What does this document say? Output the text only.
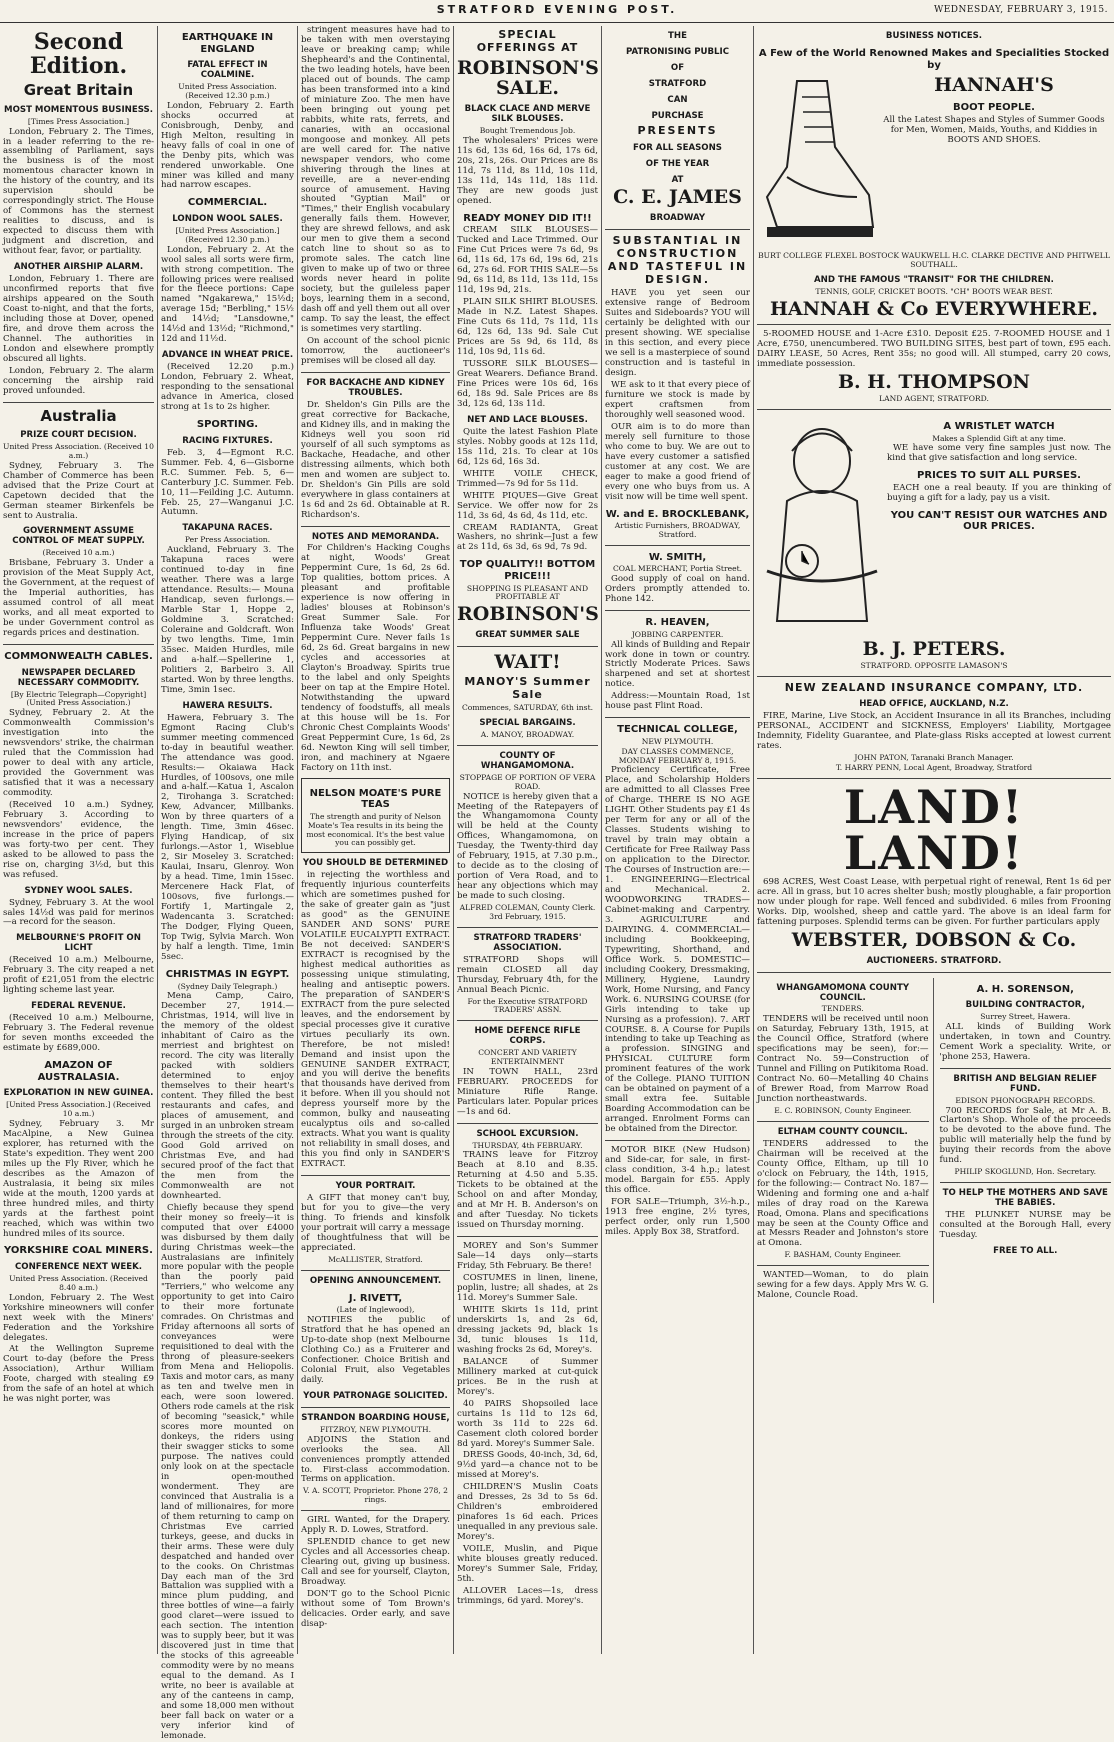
STRATFORD EVENING POST.	WEDNESDAY, FEBRUARY 3, 1915.
Second Edition.
Great Britain
MOST MOMENTOUS BUSINESS.
[Times Press Association.]

London, February 2. The Times, in a leader referring to the re-assembling of Parliament, says the business is of the most momentous character known in the history of the country, and its supervision should be correspondingly strict. The House of Commons has the sternest realities to discuss, and is expected to discuss them with judgment and discretion, and without fear, favor, or partiality.

ANOTHER AIRSHIP ALARM.

London, February 1. There are unconfirmed reports that five airships appeared on the South Coast to-night, and that the forts, including those at Dover, opened fire, and drove them across the Channel. The authorities in London and elsewhere promptly obscured all lights.

London, February 2. The alarm concerning the airship raid proved unfounded.

Australia
PRIZE COURT DECISION.
United Press Association. (Received 10 a.m.)

Sydney, February 3. The Chamber of Commerce has been advised that the Prize Court at Capetown decided that the German steamer Birkenfels be sent to Australia.

GOVERNMENT ASSUME CONTROL OF MEAT SUPPLY.
(Received 10 a.m.)

Brisbane, February 3. Under a provision of the Meat Supply Act, the Government, at the request of the Imperial authorities, has assumed control of all meat works, and all meat exported to be under Government control as regards prices and destination.

COMMONWEALTH CABLES.
NEWSPAPER DECLARED NECESSARY COMMODITY.
[By Electric Telegraph—Copyright] (United Press Association.)

Sydney, February 2. At the Commonwealth Commission's investigation into the newsvendors' strike, the chairman ruled that the Commission had power to deal with any article, provided the Government was satisfied that it was a necessary commodity.

(Received 10 a.m.) Sydney, February 3. According to newsvendors' evidence, the increase in the price of papers was forty-two per cent. They asked to be allowed to pass the rise on, charging 3½d, but this was refused.

SYDNEY WOOL SALES.

Sydney, February 3. At the wool sales 14½d was paid for merinos—a record for the season.

MELBOURNE'S PROFIT ON LICHT

(Received 10 a.m.) Melbourne, February 3. The city reaped a net profit of £21,051 from the electric lighting scheme last year.

FEDERAL REVENUE.

(Received 10 a.m.) Melbourne, February 3. The Federal revenue for seven months exceeded the estimate by £689,000.

AMAZON OF AUSTRALASIA.
EXPLORATION IN NEW GUINEA.
[United Press Association.] (Received 10 a.m.)

Sydney, February 3. Mr MacAlpine, a New Guinea explorer, has returned with the State's expedition. They went 200 miles up the Fly River, which he describes as the Amazon of Australasia, it being six miles wide at the mouth, 1200 yards at three hundred miles, and thirty yards at the farthest point reached, which was within two hundred miles of its source.

YORKSHIRE COAL MINERS.
CONFERENCE NEXT WEEK.
United Press Association. (Received 8.40 a.m.)

London, February 2. The West Yorkshire mineowners will confer next week with the Miners' Federation and the Yorkshire delegates.

At the Wellington Supreme Court to-day (before the Press Association), Arthur William Foote, charged with stealing £9 from the safe of an hotel at which he was night porter, was

EARTHQUAKE IN ENGLAND
FATAL EFFECT IN COALMINE.
United Press Association. (Received 12.30 p.m.)

London, February 2. Earth shocks occurred at Conisbrough, Denby, and High Melton, resulting in heavy falls of coal in one of the Denby pits, which was rendered unworkable. One miner was killed and many had narrow escapes.

COMMERCIAL.
LONDON WOOL SALES.
[United Press Association.] (Received 12.30 p.m.)

London, February 2. At the wool sales all sorts were firm, with strong competition. The following prices were realised for the fleece portions: Cape named "Ngakarewa," 15½d; average 15d; "Berbling," 15½ and 14½d; "Lansdowne," 14½d and 13½d; "Richmond," 12d and 11½d.

ADVANCE IN WHEAT PRICE.

(Received 12.20 p.m.) London, February 2. Wheat, responding to the sensational advance in America, closed strong at 1s to 2s higher.

SPORTING.
RACING FIXTURES.

Feb. 3, 4—Egmont R.C. Summer. Feb. 4, 6—Gisborne R.C. Summer. Feb. 5, 6—Canterbury J.C. Summer. Feb. 10, 11—Feilding J.C. Autumn. Feb. 25, 27—Wanganui J.C. Autumn.

TAKAPUNA RACES.
Per Press Association.

Auckland, February 3. The Takapuna races were continued to-day in fine weather. There was a large attendance. Results:— Mouna Handicap, seven furlongs.—Marble Star 1, Hoppe 2, Goldmine 3. Scratched: Coleraine and Goldcraft. Won by two lengths. Time, 1min 35sec. Maiden Hurdles, mile and a-half.—Spellerine 1, Politiers 2, Barbeiro 3. All started. Won by three lengths. Time, 3min 1sec.

HAWERA RESULTS.

Hawera, February 3. The Egmont Racing Club's summer meeting commenced to-day in beautiful weather. The attendance was good. Results:— Okaiawa Hack Hurdles, of 100sovs, one mile and a-half.—Katua 1, Ascalon 2, Tirohanga 3. Scratched: Kew, Advancer, Millbanks. Won by three quarters of a length. Time, 3min 46sec. Flying Handicap, of six furlongs.—Astor 1, Wiseblue 2, Sir Moseley 3. Scratched: Kaulai, Insaru, Glenroy. Won by a head. Time, 1min 15sec. Mercenere Hack Flat, of 100sovs, five furlongs.—Fortify 1, Martingale 2, Wadencanta 3. Scratched: The Dodger, Flying Queen, Top Twig, Sylvia March. Won by half a length. Time, 1min 5sec.

CHRISTMAS IN EGYPT.
(Sydney Daily Telegraph.)

Mena Camp, Cairo, December 27, 1914.—Christmas, 1914, will live in the memory of the oldest inhabitant of Cairo as the merriest and brightest on record. The city was literally packed with soldiers determined to enjoy themselves to their heart's content. They filled the best restaurants and cafes, and places of amusement, and surged in an unbroken stream through the streets of the city. Good Gold arrived on Christmas Eve, and had secured proof of the fact that the men from the Commonwealth are not downhearted.

Chiefly because they spend their money so freely—it is computed that over £4000 was disbursed by them daily during Christmas week—the Australasians are infinitely more popular with the people than the poorly paid "Terriers," who welcome any opportunity to get into Cairo to their more fortunate comrades. On Christmas and Friday afternoons all sorts of conveyances were requisitioned to deal with the throng of pleasure-seekers from Mena and Heliopolis. Taxis and motor cars, as many as ten and twelve men in each, were soon lowered. Others rode camels at the risk of becoming "seasick," while scores more mounted on donkeys, the riders using their swagger sticks to some purpose. The natives could only look on at the spectacle in open-mouthed wonderment. They are convinced that Australia is a land of millionaires, for more of them returning to camp on Christmas Eve carried turkeys, geese, and ducks in their arms. These were duly despatched and handed over to the cooks. On Christmas Day each man of the 3rd Battalion was supplied with a mince plum pudding, and three bottles of wine—a fairly good claret—were issued to each section. The intention was to supply beer, but it was discovered just in time that the stocks of this agreeable commodity were by no means equal to the demand. As I write, no beer is available at any of the canteens in camp, and some 18,000 men without beer fall back on water or a very inferior kind of lemonade.

stringent measures have had to be taken with men overstaying leave or breaking camp; while Shepheard's and the Continental, the two leading hotels, have been placed out of bounds. The camp has been transformed into a kind of miniature Zoo. The men have been bringing out young pet rabbits, white rats, ferrets, and canaries, with an occasional mongoose and monkey. All pets are well cared for. The native newspaper vendors, who come shivering through the lines at reveille, are a never-ending source of amusement. Having shouted "Gyptian Mail" or "Times," their English vocabulary generally fails them. However, they are shrewd fellows, and ask our men to give them a second catch line to shout so as to promote sales. The catch line given to make up of two or three words never heard in polite society, but the guileless paper boys, learning them in a second, dash off and yell them out all over camp. To say the least, the effect is sometimes very startling.

On account of the school picnic tomorrow, the auctioneer's premises will be closed all day.

FOR BACKACHE AND KIDNEY TROUBLES.

Dr. Sheldon's Gin Pills are the great corrective for Backache, and Kidney ills, and in making the Kidneys well you soon rid yourself of all such symptoms as Backache, Headache, and other distressing ailments, which both men and women are subject to. Dr. Sheldon's Gin Pills are sold everywhere in glass containers at 1s 6d and 2s 6d. Obtainable at R. Richardson's.

NOTES AND MEMORANDA.

For Children's Hacking Coughs at night, Woods' Great Peppermint Cure, 1s 6d, 2s 6d. Top qualities, bottom prices. A pleasant and profitable experience is now offering in ladies' blouses at Robinson's Great Summer Sale. For Influenza take Woods' Great Peppermint Cure. Never fails 1s 6d, 2s 6d. Great bargains in new cycles and accessories at Clayton's Broadway. Spirits true to the label and only Speights beer on tap at the Empire Hotel. Notwithstanding the upward tendency of foodstuffs, all meals at this house will be 1s. For Chronic Chest Complaints Woods' Great Peppermint Cure, 1s 6d, 2s 6d. Newton King will sell timber, iron, and machinery at Ngaere Factory on 11th inst.

NELSON MOATE'S PURE TEAS
The strength and purity of Nelson Moate's Tea results in its being the most economical. It's the best value you can possibly get.
YOU SHOULD BE DETERMINED

in rejecting the worthless and frequently injurious counterfeits which are sometimes pushed for the sake of greater gain as "just as good" as the GENUINE SANDER AND SONS' PURE VOLATILE EUCALYPTI EXTRACT. Be not deceived: SANDER'S EXTRACT is recognised by the highest medical authorities as possessing unique stimulating, healing and antiseptic powers. The preparation of SANDER'S EXTRACT from the pure selected leaves, and the endorsement by special processes give it curative virtues peculiarly its own. Therefore, be not misled! Demand and insist upon the GENUINE SANDER EXTRACT, and you will derive the benefits that thousands have derived from it before. When ill you should not depress yourself more by the common, bulky and nauseating eucalyptus oils and so-called extracts. What you want is quality not reliability in small doses, and this you find only in SANDER'S EXTRACT.

YOUR PORTRAIT.

A GIFT that money can't buy, but for you to give—the very thing. To friends and kinsfolk your portrait will carry a message of thoughtfulness that will be appreciated.

McALLISTER, Stratford.
OPENING ANNOUNCEMENT.
J. RIVETT,
(Late of Inglewood),

NOTIFIES the public of Stratford that he has opened an Up-to-date shop (next Melbourne Clothing Co.) as a Fruiterer and Confectioner. Choice British and Colonial Fruit, also Vegetables daily.

YOUR PATRONAGE SOLICITED.
STRANDON BOARDING HOUSE,
FITZROY, NEW PLYMOUTH.

ADJOINS the Station and overlooks the sea. All conveniences promptly attended to. First-class accommodation. Terms on application.

V. A. SCOTT, Proprietor. Phone 278, 2 rings.

GIRL Wanted, for the Drapery. Apply R. D. Lowes, Stratford.

SPLENDID chance to get new Cycles and all Accessories cheap. Clearing out, giving up business. Call and see for yourself, Clayton, Broadway.

DON'T go to the School Picnic without some of Tom Brown's delicacies. Order early, and save disap-

SPECIAL OFFERINGS AT
ROBINSON'S SALE.
BLACK CLACE AND MERVE SILK BLOUSES.
Bought Tremendous Job.

The wholesalers' Prices were 11s 6d, 13s 6d, 16s 6d, 17s 6d, 20s, 21s, 26s. Our Prices are 8s 11d, 7s 11d, 8s 11d, 10s 11d, 13s 11d, 14s 11d, 18s 11d. They are new goods just opened.

READY MONEY DID IT!!

CREAM SILK BLOUSES—Tucked and Lace Trimmed. Our Fine Cut Prices were 7s 6d, 9s 6d, 11s 6d, 17s 6d, 19s 6d, 21s 6d, 27s 6d. FOR THIS SALE—5s 9d, 6s 11d, 8s 11d, 13s 11d, 15s 11d, 19s 9d, 21s.

PLAIN SILK SHIRT BLOUSES. Made in N.Z. Latest Shapes. Fine Cuts 6s 11d, 7s 11d, 11s 6d, 12s 6d, 13s 9d. Sale Cut Prices are 5s 9d, 6s 11d, 8s 11d, 10s 9d, 11s 6d.

TUSSORE SILK BLOUSES—Great Wearers. Defiance Brand. Fine Prices were 10s 6d, 16s 6d, 18s 9d. Sale Prices are 8s 3d, 12s 6d, 13s 11d.

NET AND LACE BLOUSES.

Quite the latest Fashion Plate styles. Nobby goods at 12s 11d, 15s 11d, 21s. To clear at 10s 6d, 12s 6d, 16s 3d.

WHITE VOILE CHECK, Trimmed—7s 9d for 5s 11d.

WHITE PIQUES—Give Great Service. We offer now for 2s 11d, 3s 6d, 4s 6d, 4s 11d, etc.

CREAM RADIANTA, Great Washers, no shrink—Just a few at 2s 11d, 6s 3d, 6s 9d, 7s 9d.

TOP QUALITY!! BOTTOM PRICE!!!
SHOPPING IS PLEASANT AND PROFITABLE AT
ROBINSON'S
GREAT SUMMER SALE
WAIT!
MANOY'S Summer Sale
Commences, SATURDAY, 6th inst.
SPECIAL BARGAINS.
A. MANOY, BROADWAY.
COUNTY OF WHANGAMOMONA.
STOPPAGE OF PORTION OF VERA ROAD.

NOTICE is hereby given that a Meeting of the Ratepayers of the Whangamomona County will be held at the County Offices, Whangamomona, on Tuesday, the Twenty-third day of February, 1915, at 7.30 p.m., to decide as to the closing of portion of Vera Road, and to hear any objections which may be made to such closing.

ALFRED COLEMAN, County Clerk. 3rd February, 1915.
STRATFORD TRADERS' ASSOCIATION.

STRATFORD Shops will remain CLOSED all day Thursday, February 4th, for the Annual Beach Picnic.

For the Executive STRATFORD TRADERS' ASSN.
HOME DEFENCE RIFLE CORPS.
CONCERT AND VARIETY ENTERTAINMENT

IN TOWN HALL, 23rd FEBRUARY. PROCEEDS for Miniature Rifle Range. Particulars later. Popular prices—1s and 6d.

SCHOOL EXCURSION.
THURSDAY, 4th FEBRUARY.

TRAINS leave for Fitzroy Beach at 8.10 and 8.35. Returning at 4.50 and 5.35. Tickets to be obtained at the School on and after Monday, and at Mr H. B. Anderson's on and after Tuesday. No tickets issued on Thursday morning.

MOREY and Son's Summer Sale—14 days only—starts Friday, 5th February. Be there!

COSTUMES in linen, linene, poplin, lustre; all shades, at 2s 11d. Morey's Summer Sale.

WHITE Skirts 1s 11d, print underskirts 1s, and 2s 6d, dressing jackets 9d, black 1s 3d, tunic blouses 1s 11d, washing frocks 2s 6d, Morey's.

BALANCE of Summer Millinery marked at cut-quick prices. Be in the rush at Morey's.

40 PAIRS Shopsoiled lace curtains 1s 11d to 12s 6d, worth 3s 11d to 22s 6d. Casement cloth colored border 8d yard. Morey's Summer Sale.

DRESS Goods, 40-inch, 3d, 6d, 9½d yard—a chance not to be missed at Morey's.

CHILDREN'S Muslin Coats and Dresses, 2s 3d to 5s 6d. Children's embroidered pinafores 1s 6d each. Prices unequalled in any previous sale. Morey's.

VOILE, Muslin, and Pique white blouses greatly reduced. Morey's Summer Sale, Friday, 5th.

ALLOVER Laces—1s, dress trimmings, 6d yard. Morey's.

THE
PATRONISING PUBLIC
OF
STRATFORD
CAN
PURCHASE
PRESENTS
FOR ALL SEASONS
OF THE YEAR
AT
C. E. JAMES
BROADWAY
SUBSTANTIAL IN CONSTRUCTION AND TASTEFUL IN DESIGN.

HAVE you yet seen our extensive range of Bedroom Suites and Sideboards? YOU will certainly be delighted with our present showing. WE specialise in this section, and every piece we sell is a masterpiece of sound construction and is tasteful in design.

WE ask to it that every piece of furniture we stock is made by expert craftsmen from thoroughly well seasoned wood.

OUR aim is to do more than merely sell furniture to those who come to buy. We are out to have every customer a satisfied customer at any cost. We are eager to make a good friend of every one who buys from us. A visit now will be time well spent.

W. and E. BROCKLEBANK,
Artistic Furnishers, BROADWAY, Stratford.
W. SMITH,
COAL MERCHANT, Portia Street.

Good supply of coal on hand. Orders promptly attended to. Phone 142.

R. HEAVEN,
JOBBING CARPENTER.

All kinds of Building and Repair work done in town or country. Strictly Moderate Prices. Saws sharpened and set at shortest notice.

Address:—Mountain Road, 1st house past Flint Road.

TECHNICAL COLLEGE,
NEW PLYMOUTH.
DAY CLASSES COMMENCE, MONDAY FEBRUARY 8, 1915.

Proficiency Certificate, Free Place, and Scholarship Holders are admitted to all Classes Free of Charge. THERE IS NO AGE LIGHT. Other Students pay £1 4s per Term for any or all of the Classes. Students wishing to travel by train may obtain a Certificate for Free Railway Pass on application to the Director. The Courses of Instruction are:— 1. ENGINEERING—Electrical and Mechanical. 2. WOODWORKING TRADES—Cabinet-making and Carpentry. 3. AGRICULTURE and DAIRYING. 4. COMMERCIAL—including Bookkeeping, Typewriting, Shorthand, and Office Work. 5. DOMESTIC—including Cookery, Dressmaking, Millinery, Hygiene, Laundry Work, Home Nursing, and Fancy Work. 6. NURSING COURSE (for Girls intending to take up Nursing as a profession). 7. ART COURSE. 8. A Course for Pupils intending to take up Teaching as a profession. SINGING and PHYSICAL CULTURE form prominent features of the work of the College. PIANO TUITION can be obtained on payment of a small extra fee. Suitable Boarding Accommodation can be arranged. Enrolment Forms can be obtained from the Director.

MOTOR BIKE (New Hudson) and Side-car, for sale, in first-class condition, 3-4 h.p.; latest model. Bargain for £55. Apply this office.

FOR SALE—Triumph, 3½-h.p., 1913 free engine, 2½ tyres, perfect order, only run 1,500 miles. Apply Box 38, Stratford.

BUSINESS NOTICES.
A Few of the World Renowned Makes and Specialities Stocked by
HANNAH'S
BOOT PEOPLE.

All the Latest Shapes and Styles of Summer Goods for Men, Women, Maids, Youths, and Kiddies in BOOTS AND SHOES.

BURT COLLEGE FLEXEL BOSTOCK WAUKWELL H.C. CLARKE DECTIVE AND PHITWELL SOUTHALL.
AND THE FAMOUS "TRANSIT" FOR THE CHILDREN.
TENNIS, GOLF, CRICKET BOOTS. "CH" BOOTS WEAR BEST.
HANNAH & Co EVERYWHERE.

5-ROOMED HOUSE and 1-Acre £310. Deposit £25. 7-ROOMED HOUSE and 1 Acre, £750, unencumbered. TWO BUILDING SITES, best part of town, £95 each. DAIRY LEASE, 50 Acres, Rent 35s; no good will. All stumped, carry 20 cows, immediate possession.

B. H. THOMPSON
LAND AGENT, STRATFORD.
A WRISTLET WATCH
Makes a Splendid Gift at any time.

WE have some very fine samples just now. The kind that give satisfaction and long service.

PRICES TO SUIT ALL PURSES.

EACH one a real beauty. If you are thinking of buying a gift for a lady, pay us a visit.

YOU CAN'T RESIST OUR WATCHES AND OUR PRICES.
B. J. PETERS.
STRATFORD. OPPOSITE LAMASON'S
NEW ZEALAND INSURANCE COMPANY, LTD.
HEAD OFFICE, AUCKLAND, N.Z.

FIRE, Marine, Live Stock, an Accident Insurance in all its Branches, including PERSONAL, ACCIDENT and SICKNESS, Employers' Liability, Mortgagee Indemnity, Fidelity Guarantee, and Plate-glass Risks accepted at lowest current rates.

JOHN PATON, Taranaki Branch Manager.
T. HARRY PENN, Local Agent, Broadway, Stratford
LAND! LAND!

698 ACRES, West Coast Lease, with perpetual right of renewal, Rent 1s 6d per acre. All in grass, but 10 acres shelter bush; mostly ploughable, a fair proportion now under plough for rape. Well fenced and subdivided. 6 miles from Frooning Works. Dip, woolshed, sheep and cattle yard. The above is an ideal farm for fattening purposes. Splendid terms can be given. For further particulars apply

WEBSTER, DOBSON & Co.
AUCTIONEERS. STRATFORD.
WHANGAMOMONA COUNTY COUNCIL.
TENDERS.

TENDERS will be received until noon on Saturday, February 13th, 1915, at the Council Office, Stratford (where specifications may be seen), for:— Contract No. 59—Construction of Tunnel and Filling on Putikitoma Road. Contract No. 60—Metalling 40 Chains of Brewer Road, from Marrow Road Junction northeastwards.

E. C. ROBINSON, County Engineer.
ELTHAM COUNTY COUNCIL.

TENDERS addressed to the Chairman will be received at the County Office, Eltham, up till 10 o'clock on February, the 14th, 1915, for the following:— Contract No. 187—Widening and forming one and a-half miles of dray road on the Karewa Road, Omona. Plans and specifications may be seen at the County Office and at Messrs Reader and Johnston's store at Omona.

F. BASHAM, County Engineer.

WANTED—Woman, to do plain sewing for a few days. Apply Mrs W. G. Malone, Councle Road.

A. H. SORENSON,
BUILDING CONTRACTOR,
Surrey Street, Hawera.

ALL kinds of Building Work undertaken, in town and Country. Cement Work a speciality. Write, or 'phone 253, Hawera.

BRITISH AND BELGIAN RELIEF FUND.
EDISON PHONOGRAPH RECORDS.

700 RECORDS for Sale, at Mr A. B. Clarton's Shop. Whole of the proceeds to be devoted to the above fund. The public will materially help the fund by buying their records from the above fund.

PHILIP SKOGLUND, Hon. Secretary.
TO HELP THE MOTHERS AND SAVE THE BABIES.

THE PLUNKET NURSE may be consulted at the Borough Hall, every Tuesday.

FREE TO ALL.
